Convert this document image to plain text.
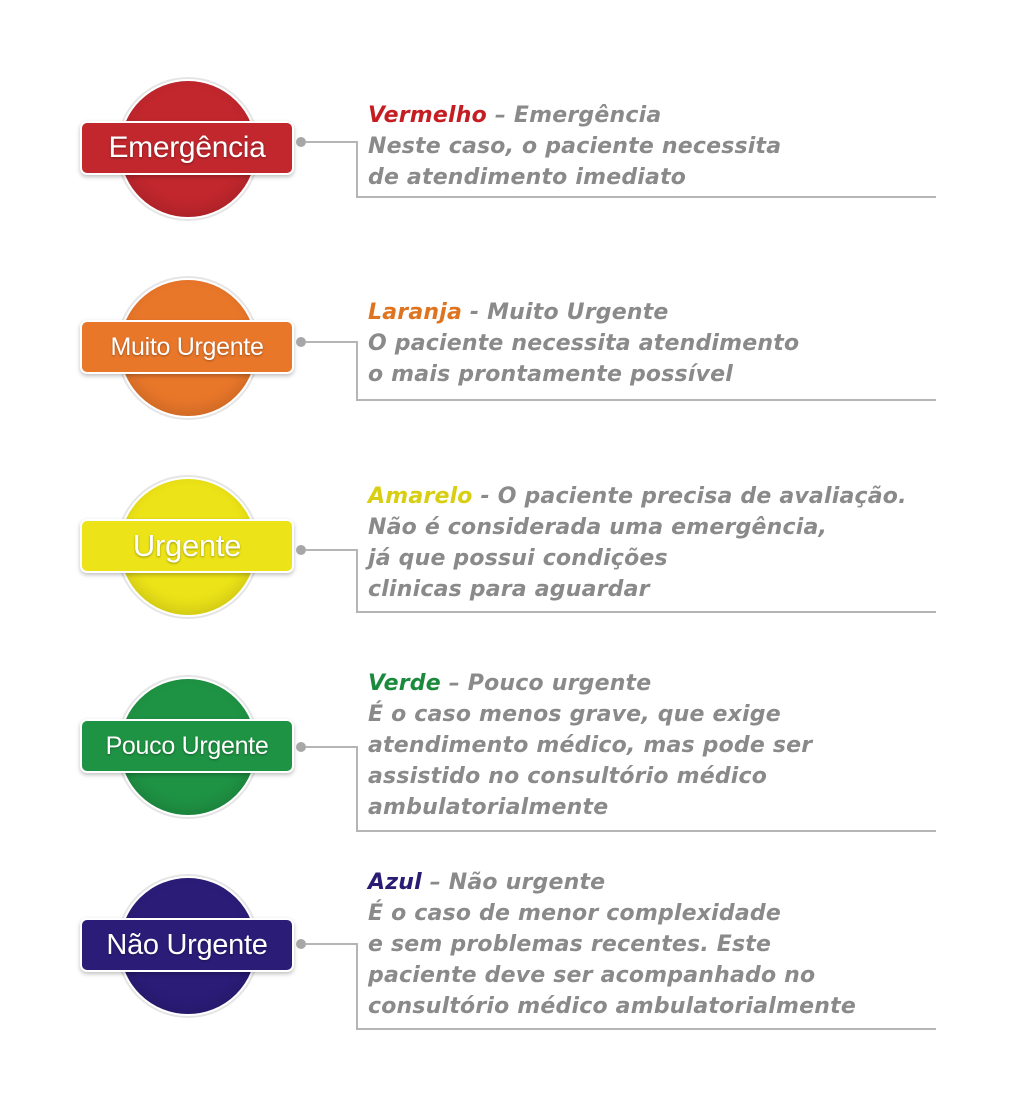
Emergência
Vermelho – Emergência
Neste caso, o paciente necessita
de atendimento imediato
Muito Urgente
Laranja - Muito Urgente
O paciente necessita atendimento
o mais prontamente possível
Urgente
Amarelo - O paciente precisa de avaliação.
Não é considerada uma emergência,
já que possui condições
clinicas para aguardar
Pouco Urgente
Verde – Pouco urgente
É o caso menos grave, que exige
atendimento médico, mas pode ser
assistido no consultório médico
ambulatorialmente
Não Urgente
Azul – Não urgente
É o caso de menor complexidade
e sem problemas recentes. Este
paciente deve ser acompanhado no
consultório médico ambulatorialmente
